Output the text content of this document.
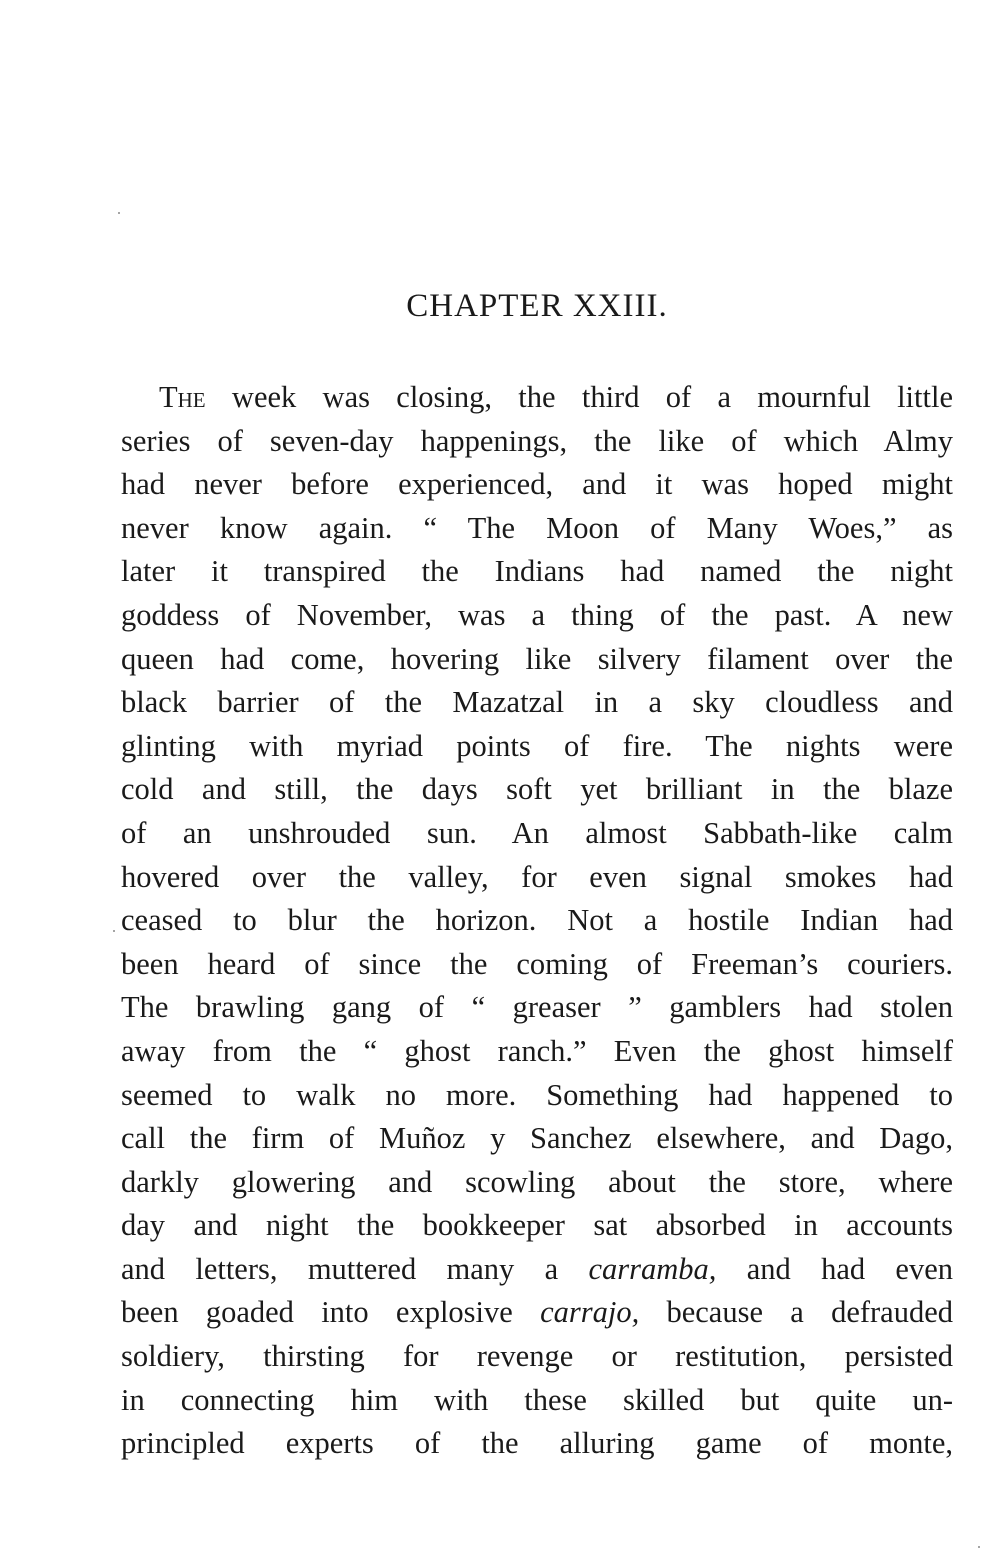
CHAPTER XXIII.
The week was closing, the third of a mournful little
series of seven-day happenings, the like of which Almy
had never before experienced, and it was hoped might
never know again. “ The Moon of Many Woes,” as
later it transpired the Indians had named the night
goddess of November, was a thing of the past. A new
queen had come, hovering like silvery filament over the
black barrier of the Mazatzal in a sky cloudless and
glinting with myriad points of fire. The nights were
cold and still, the days soft yet brilliant in the blaze
of an unshrouded sun. An almost Sabbath-like calm
hovered over the valley, for even signal smokes had
ceased to blur the horizon. Not a hostile Indian had
been heard of since the coming of Freeman’s couriers.
The brawling gang of “ greaser ” gamblers had stolen
away from the “ ghost ranch.” Even the ghost himself
seemed to walk no more. Something had happened to
call the firm of Muñoz y Sanchez elsewhere, and Dago,
darkly glowering and scowling about the store, where
day and night the bookkeeper sat absorbed in accounts
and letters, muttered many a carramba, and had even
been goaded into explosive carrajo, because a defrauded
soldiery, thirsting for revenge or restitution, persisted
in connecting him with these skilled but quite un-
principled experts of the alluring game of monte,
